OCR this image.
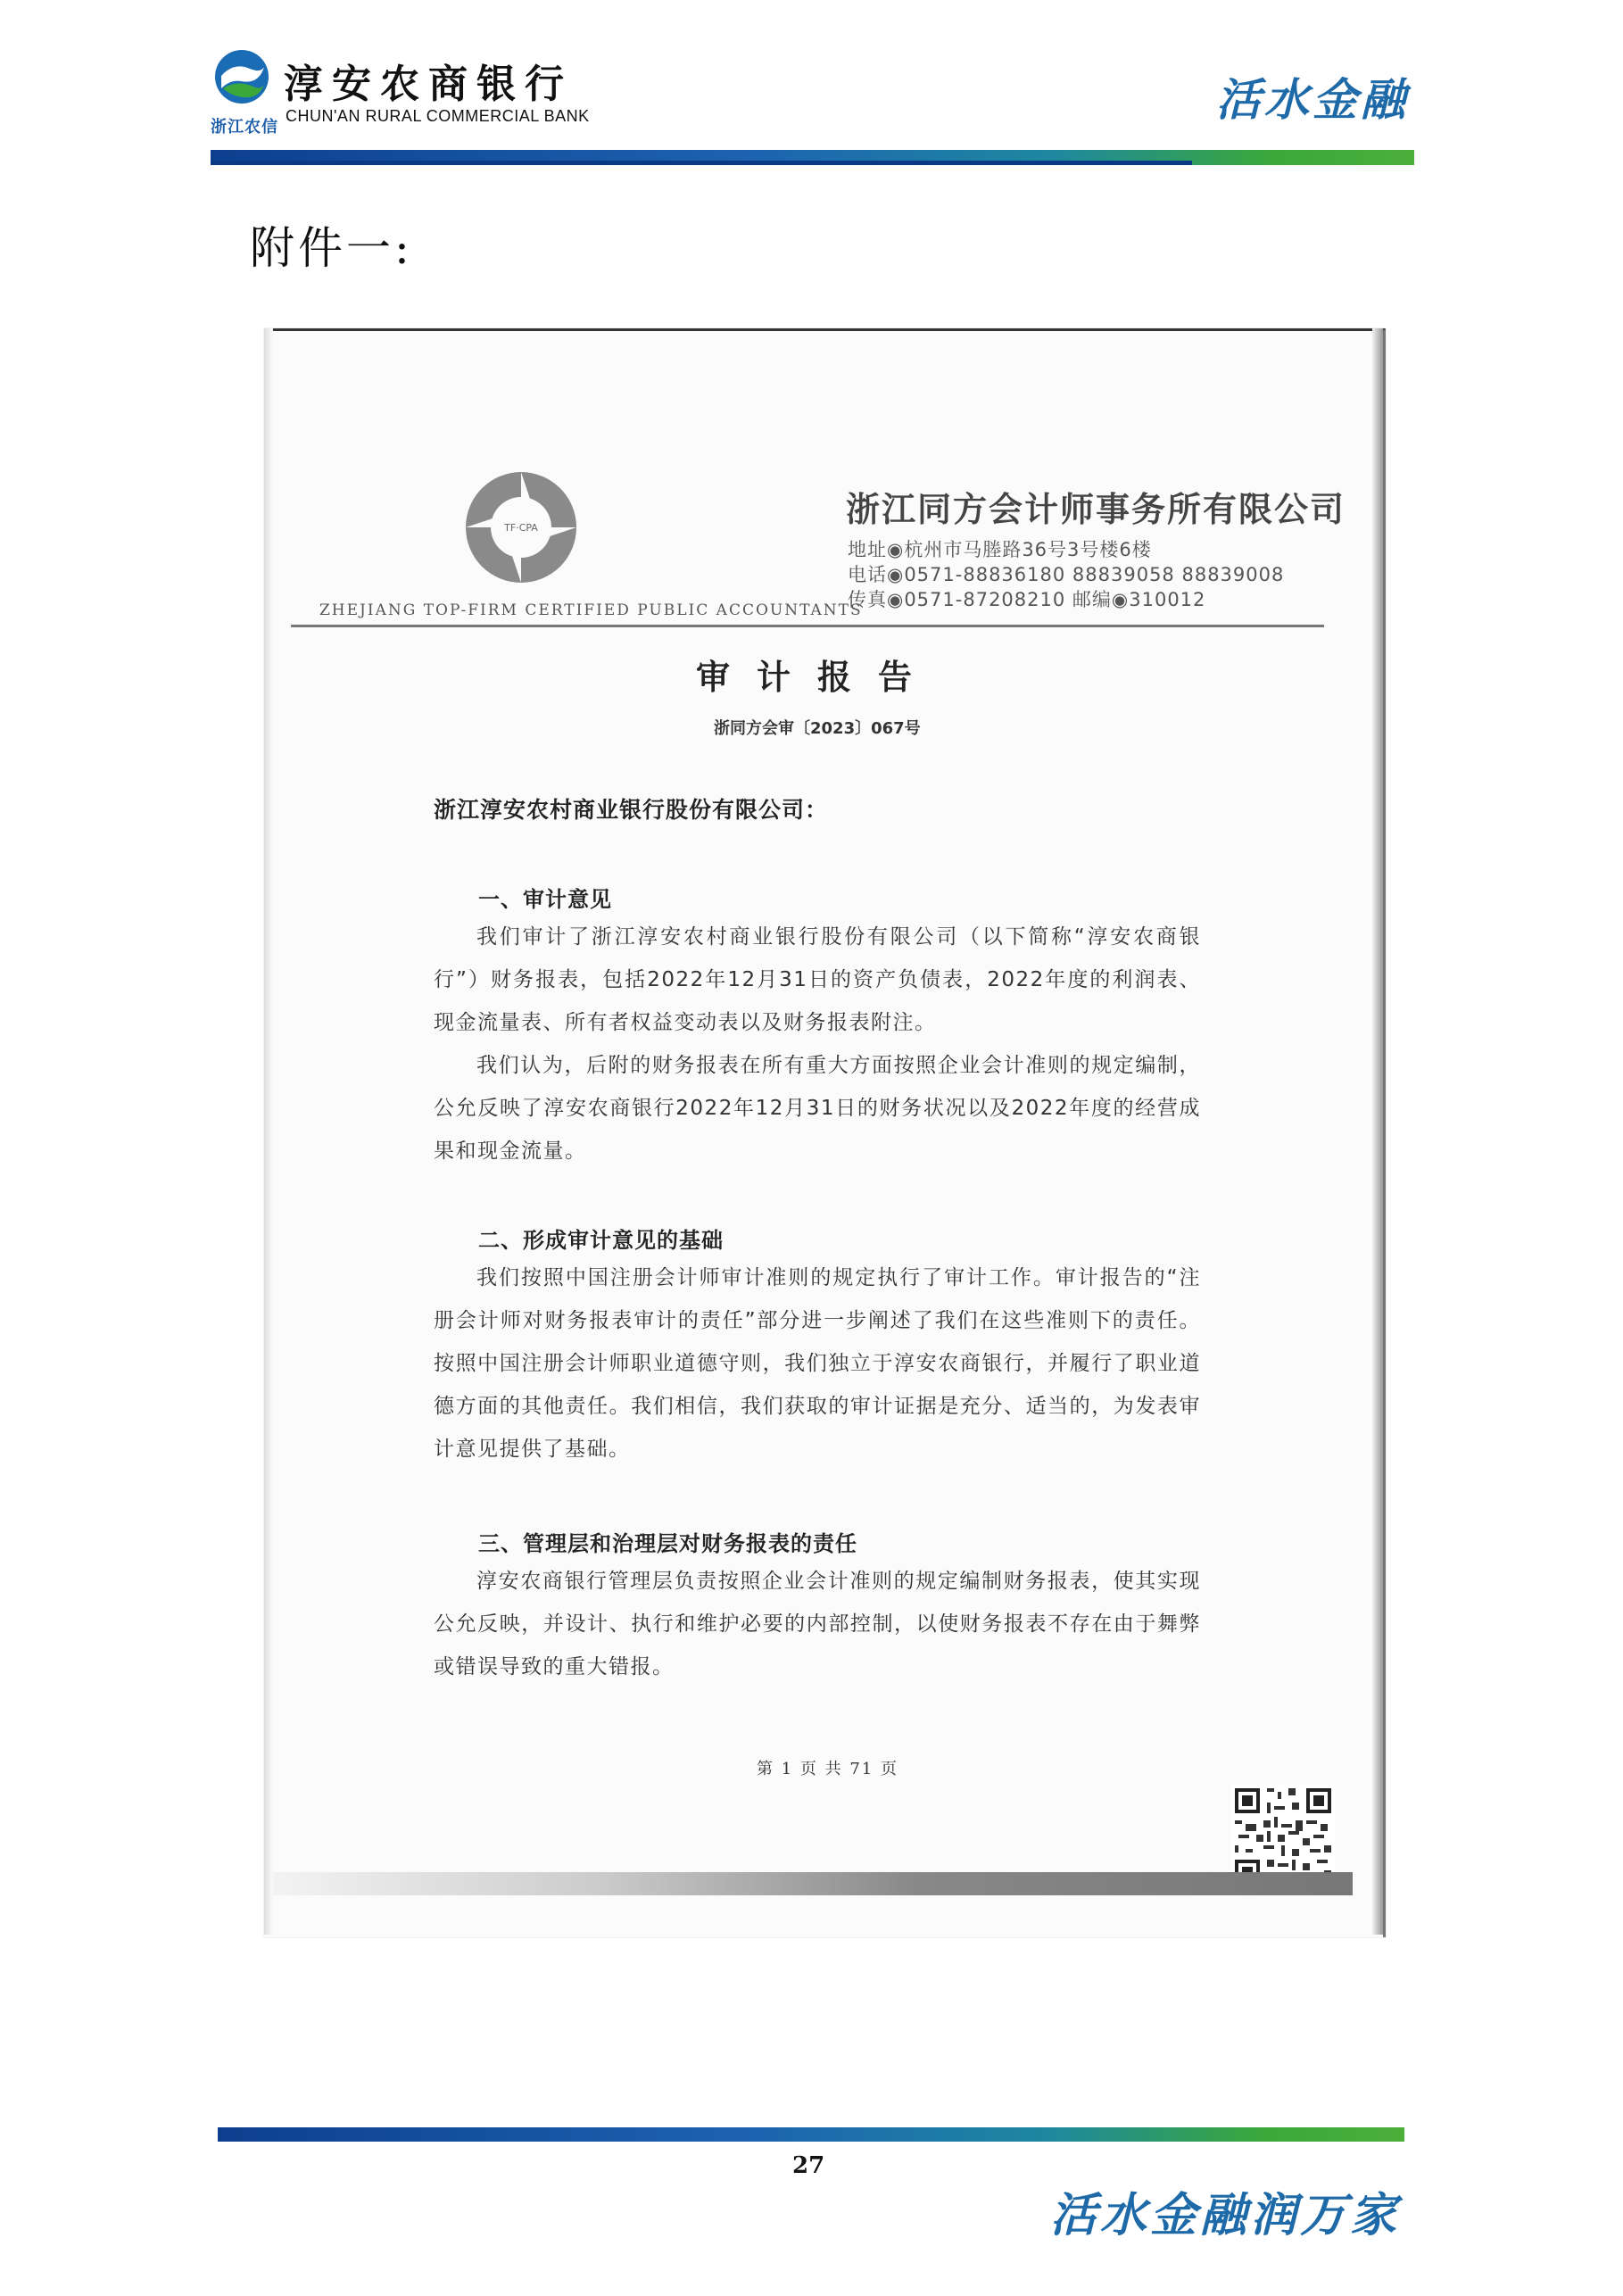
浙江农信
淳安农商银行
CHUN'AN RURAL COMMERCIAL BANK	活水金融
附件一:
TF·CPA
ZHEJIANG TOP-FIRM CERTIFIED PUBLIC ACCOUNTANTS
浙江同方会计师事务所有限公司
地址◉杭州市马塍路36号3号楼6楼
电话◉0571-88836180 88839058 88839008
传真◉0571-87208210 邮编◉310012
审计报告
浙同方会审〔2023〕067号
浙江淳安农村商业银行股份有限公司：
一、审计意见
我们审计了浙江淳安农村商业银行股份有限公司（以下简称“淳安农商银行”）财务报表，包括2022年12月31日的资产负债表，2022年度的利润表、现金流量表、所有者权益变动表以及财务报表附注。
我们认为，后附的财务报表在所有重大方面按照企业会计准则的规定编制，公允反映了淳安农商银行2022年12月31日的财务状况以及2022年度的经营成果和现金流量。
二、形成审计意见的基础
我们按照中国注册会计师审计准则的规定执行了审计工作。审计报告的“注册会计师对财务报表审计的责任”部分进一步阐述了我们在这些准则下的责任。按照中国注册会计师职业道德守则，我们独立于淳安农商银行，并履行了职业道德方面的其他责任。我们相信，我们获取的审计证据是充分、适当的，为发表审计意见提供了基础。
三、管理层和治理层对财务报表的责任
淳安农商银行管理层负责按照企业会计准则的规定编制财务报表，使其实现公允反映，并设计、执行和维护必要的内部控制，以使财务报表不存在由于舞弊或错误导致的重大错报。
第 1 页 共 71 页
27
活水金融润万家
